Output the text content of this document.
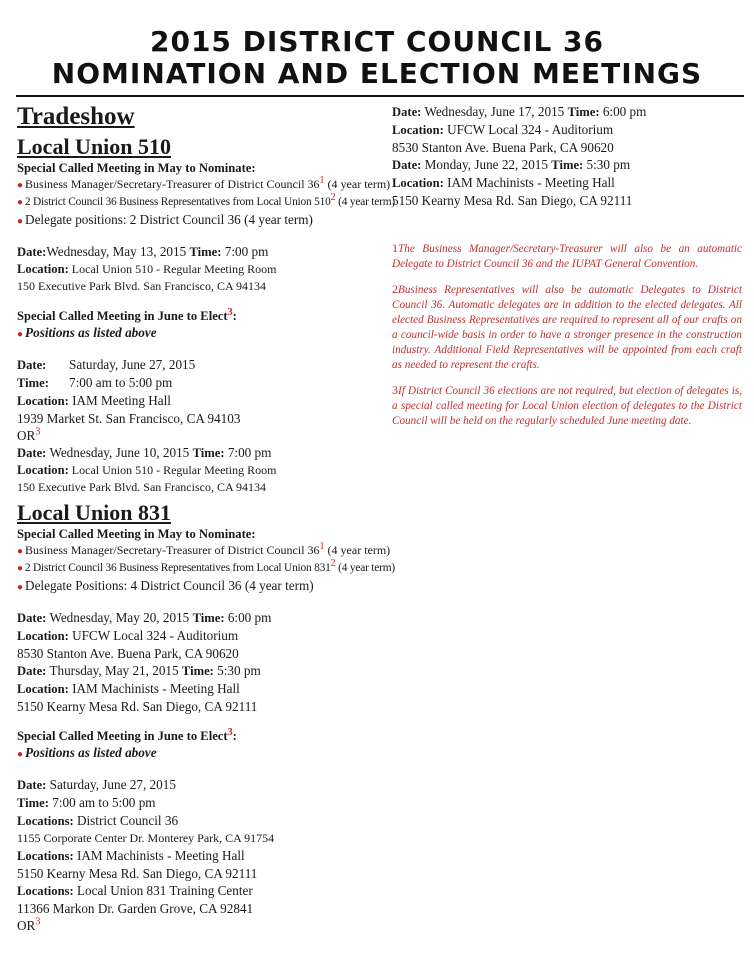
2015 DISTRICT COUNCIL 36
NOMINATION AND ELECTION MEETINGS
Tradeshow
Local Union 510
Special Called Meeting in May to Nominate:
● Business Manager/Secretary-Treasurer of District Council $36^1$ (4 year term)
● 2 District Council 36 Business Representatives from Local Union 5102 (4 year term)
● Delegate positions: 2 District Council 36 (4 year term)
Date:Wednesday, May 13, 2015 Time: 7:00 pm
Location: Local Union 510 - Regular Meeting Room
150 Executive Park Blvd. San Francisco, CA 94134
Special Called Meeting in June to Elect$^3$:
● Positions as listed above
Date: Saturday, June 27, 2015
Time: 7:00 am to 5:00 pm
Location: IAM Meeting Hall
1939 Market St. San Francisco, CA 94103
$OR^3$
Date: Wednesday, June 10, 2015 Time: 7:00 pm
Location: Local Union 510 - Regular Meeting Room
150 Executive Park Blvd. San Francisco, CA 94134
Local Union 831
Special Called Meeting in May to Nominate:
● Business Manager/Secretary-Treasurer of District Council $36^1$ (4 year term)
● 2 District Council 36 Business Representatives from Local Union 8312 (4 year term)
● Delegate Positions: 4 District Council 36 (4 year term)
Date: Wednesday, May 20, 2015 Time: 6:00 pm
Location: UFCW Local 324 - Auditorium
8530 Stanton Ave. Buena Park, CA 90620
Date: Thursday, May 21, 2015 Time: 5:30 pm
Location: IAM Machinists - Meeting Hall
5150 Kearny Mesa Rd. San Diego, CA 92111
Special Called Meeting in June to Elect$^3$:
● Positions as listed above
Date: Saturday, June 27, 2015
Time: 7:00 am to 5:00 pm
Locations: District Council 36
1155 Corporate Center Dr. Monterey Park, CA 91754
Locations: IAM Machinists - Meeting Hall
5150 Kearny Mesa Rd. San Diego, CA 92111
Locations: Local Union 831 Training Center
11366 Markon Dr. Garden Grove, CA 92841
$OR^3$
Date: Wednesday, June 17, 2015 Time: 6:00 pm
Location: UFCW Local 324 - Auditorium
8530 Stanton Ave. Buena Park, CA 90620
Date: Monday, June 22, 2015 Time: 5:30 pm
Location: IAM Machinists - Meeting Hall
5150 Kearny Mesa Rd. San Diego, CA 92111
1The Business Manager/Secretary-Treasurer will also be an automatic Delegate to District Council 36 and the IUPAT General Convention.
2Business Representatives will also be automatic Delegates to District Council 36. Automatic delegates are in addition to the elected delegates. All elected Business Representatives are required to represent all of our crafts on a council-wide basis in order to have a stronger presence in the construction industry. Additional Field Representatives will be appointed from each craft as needed to represent the crafts.
3If District Council 36 elections are not required, but election of delegates is, a special called meeting for Local Union election of delegates to the District Council will be held on the regularly scheduled June meeting date.
